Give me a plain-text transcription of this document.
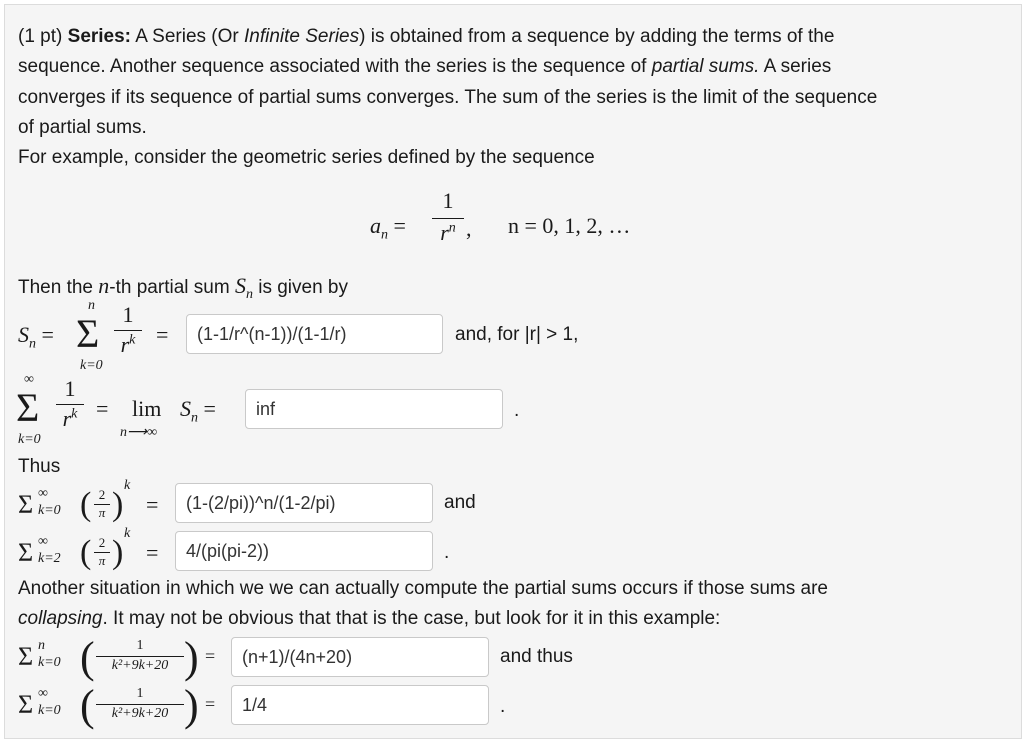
(1 pt) Series: A Series (Or Infinite Series) is obtained from a sequence by adding the terms of the
sequence. Another sequence associated with the series is the sequence of partial sums. A series
converges if its sequence of partial sums converges. The sum of the series is the limit of the sequence
of partial sums.
For example, consider the geometric series defined by the sequence
$a_n$ =
1
$r^n$ , n = 0, 1, 2, …
Then the n-th partial sum $S_n$ is given by
$S_n$ =
n
Σ
k=0
1
$r^k$ =
(1-1/r^(n-1))/(1-1/r)	and, for |r| > 1,
∞
Σ
k=0
1
$r^k = \lim$
n⟶∞
$S_n$ =
inf	.
Thus
Σ ∞
k=0 ( 2
π )
k
=
(1-(2/pi))^n/(1-2/pi)	and
Σ ∞
k=2 ( 2
π )
k
=
4/(pi(pi-2))	.
Another situation in which we we can actually compute the partial sums occurs if those sums are
collapsing. It may not be obvious that that is the case, but look for it in this example:
Σ n
k=0 (	1
k²+9k+20 ) =
(n+1)/(4n+20)	and thus
Σ ∞
k=0 (	1
k²+9k+20 ) =
1/4	.
